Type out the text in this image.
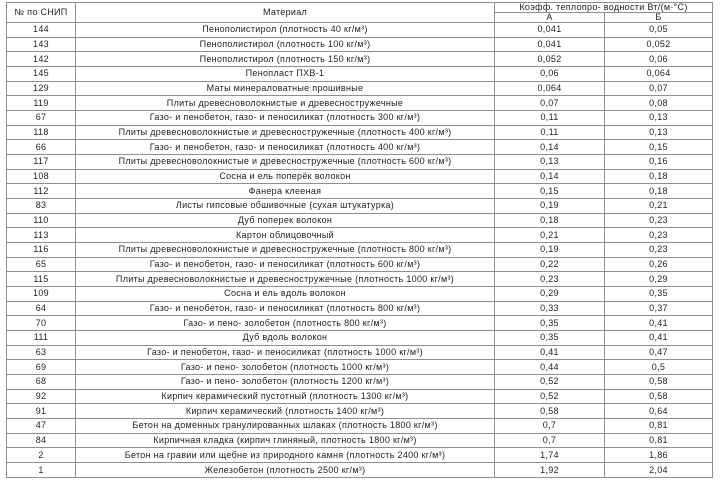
№ по СНИП	Материал	Коэфф. теплопро- водности Вт/(м·°С)	
		А	Б
144	Пенополистирол (плотность 40 кг/м³)	0,041	0,05
143	Пенополистирол (плотность 100 кг/м³)	0,041	0,052
142	Пенополистирол (плотность 150 кг/м³)	0,052	0,06
145	Пенопласт ПХВ-1	0,06	0,064
129	Маты минераловатные прошивные	0,064	0,07
119	Плиты древесноволокнистые и древесностружечные	0,07	0,08
67	Газо- и пенобетон, газо- и пеносиликат (плотность 300 кг/м³)	0,11	0,13
118	Плиты древесноволокнистые и древесностружечные (плотность 400 кг/м³)	0,11	0,13
66	Газо- и пенобетон, газо- и пеносиликат (плотность 400 кг/м³)	0,14	0,15
117	Плиты древесноволокнистые и древесностружечные (плотность 600 кг/м³)	0,13	0,16
108	Сосна и ель поперёк волокон	0,14	0,18
112	Фанера клееная	0,15	0,18
83	Листы гипсовые обшивочные (сухая штукатурка)	0,19	0,21
110	Дуб поперек волокон	0,18	0,23
113	Картон облицовочный	0,21	0,23
116	Плиты древесноволокнистые и древесностружечные (плотность 800 кг/м³)	0,19	0,23
65	Газо- и пенобетон, газо- и пеносиликат (плотность 600 кг/м³)	0,22	0,26
115	Плиты древесноволокнистые и древесностружечные (плотность 1000 кг/м³)	0,23	0,29
109	Сосна и ель вдоль волокон	0,29	0,35
64	Газо- и пенобетон, газо- и пеносиликат (плотность 800 кг/м³)	0,33	0,37
70	Газо- и пено- золобетон (плотность 800 кг/м³)	0,35	0,41
111	Дуб вдоль волокон	0,35	0,41
63	Газо- и пенобетон, газо- и пеносиликат (плотность 1000 кг/м³)	0,41	0,47
69	Газо- и пено- золобетон (плотность 1000 кг/м³)	0,44	0,5
68	Газо- и пено- золобетон (плотность 1200 кг/м³)	0,52	0,58
92	Кирпич керамический пустотный (плотность 1300 кг/м³)	0,52	0,58
91	Кирпич керамический (плотность 1400 кг/м³)	0,58	0,64
47	Бетон на доменных гранулированных шлаках (плотность 1800 кг/м³)	0,7	0,81
84	Кирпичная кладка (кирпич глиняный, плотность 1800 кг/м³)	0,7	0,81
2	Бетон на гравии или щебне из природного камня (плотность 2400 кг/м³)	1,74	1,86
1	Железобетон (плотность 2500 кг/м³)	1,92	2,04
